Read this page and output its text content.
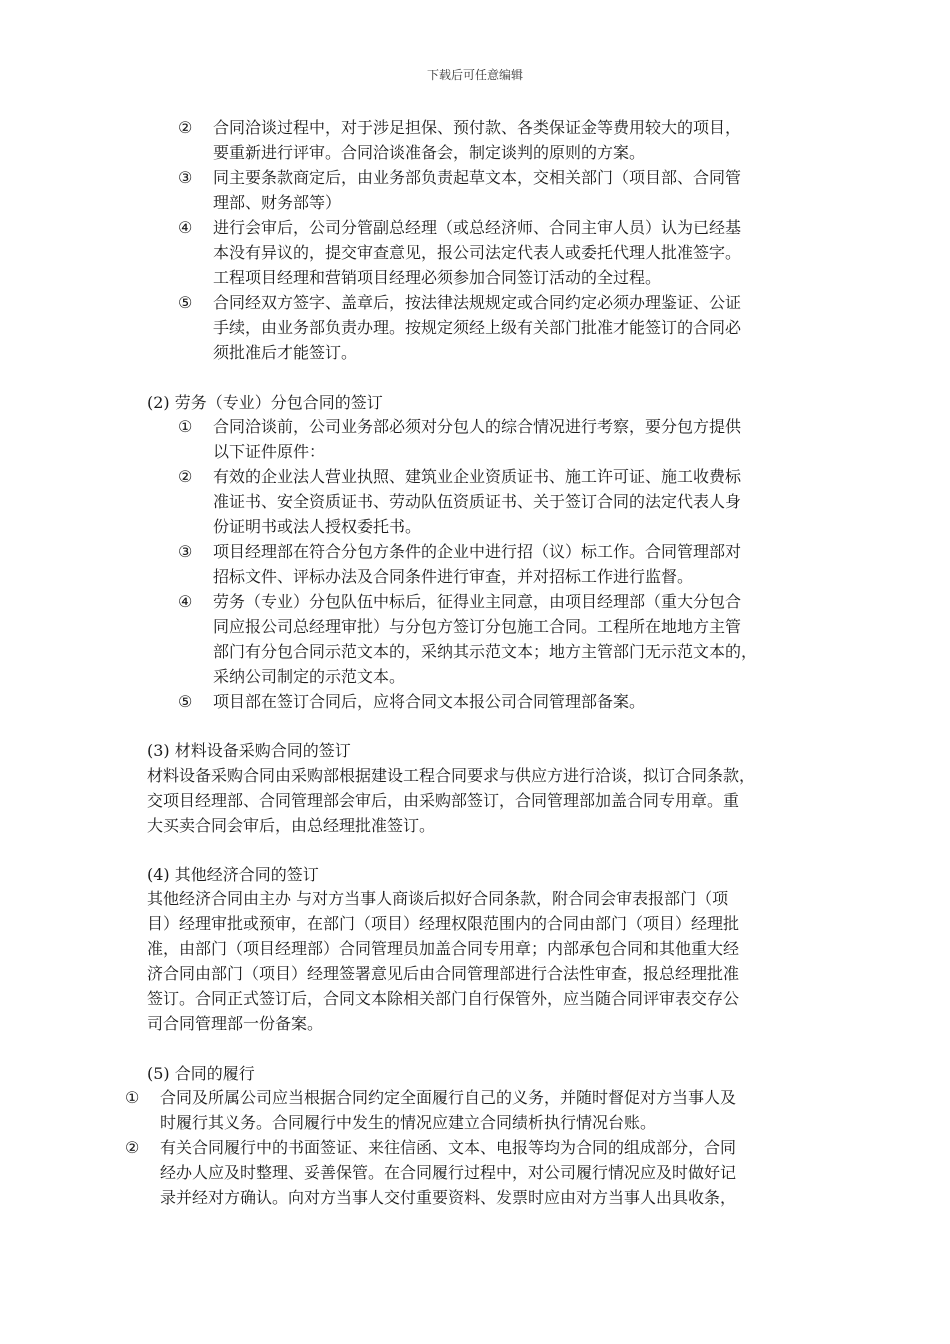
下载后可任意编辑
② 合同洽谈过程中，对于涉足担保、预付款、各类保证金等费用较大的项目，
要重新进行评审。合同洽谈准备会，制定谈判的原则的方案。
③ 同主要条款商定后，由业务部负责起草文本，交相关部门（项目部、合同管
理部、财务部等）
④ 进行会审后，公司分管副总经理（或总经济师、合同主审人员）认为已经基
本没有异议的，提交审查意见，报公司法定代表人或委托代理人批准签字。
工程项目经理和营销项目经理必须参加合同签订活动的全过程。
⑤ 合同经双方签字、盖章后，按法律法规规定或合同约定必须办理鉴证、公证
手续，由业务部负责办理。按规定须经上级有关部门批准才能签订的合同必
须批准后才能签订。
(2) 劳务（专业）分包合同的签订
① 合同洽谈前，公司业务部必须对分包人的综合情况进行考察，要分包方提供
以下证件原件：
② 有效的企业法人营业执照、建筑业企业资质证书、施工许可证、施工收费标
准证书、安全资质证书、劳动队伍资质证书、关于签订合同的法定代表人身
份证明书或法人授权委托书。
③ 项目经理部在符合分包方条件的企业中进行招（议）标工作。合同管理部对
招标文件、评标办法及合同条件进行审查，并对招标工作进行监督。
④ 劳务（专业）分包队伍中标后，征得业主同意，由项目经理部（重大分包合
同应报公司总经理审批）与分包方签订分包施工合同。工程所在地地方主管
部门有分包合同示范文本的，采纳其示范文本；地方主管部门无示范文本的，
采纳公司制定的示范文本。
⑤ 项目部在签订合同后，应将合同文本报公司合同管理部备案。
(3) 材料设备采购合同的签订
材料设备采购合同由采购部根据建设工程合同要求与供应方进行洽谈，拟订合同条款，
交项目经理部、合同管理部会审后，由采购部签订，合同管理部加盖合同专用章。重
大买卖合同会审后，由总经理批准签订。
(4) 其他经济合同的签订
其他经济合同由主办 与对方当事人商谈后拟好合同条款，附合同会审表报部门（项
目）经理审批或预审，在部门（项目）经理权限范围内的合同由部门（项目）经理批
准，由部门（项目经理部）合同管理员加盖合同专用章；内部承包合同和其他重大经
济合同由部门（项目）经理签署意见后由合同管理部进行合法性审查，报总经理批准
签订。合同正式签订后，合同文本除相关部门自行保管外，应当随合同评审表交存公
司合同管理部一份备案。
(5) 合同的履行
① 合同及所属公司应当根据合同约定全面履行自己的义务，并随时督促对方当事人及
时履行其义务。合同履行中发生的情况应建立合同绩析执行情况台账。
② 有关合同履行中的书面签证、来往信函、文本、电报等均为合同的组成部分，合同
经办人应及时整理、妥善保管。在合同履行过程中，对公司履行情况应及时做好记
录并经对方确认。向对方当事人交付重要资料、发票时应由对方当事人出具收条，
